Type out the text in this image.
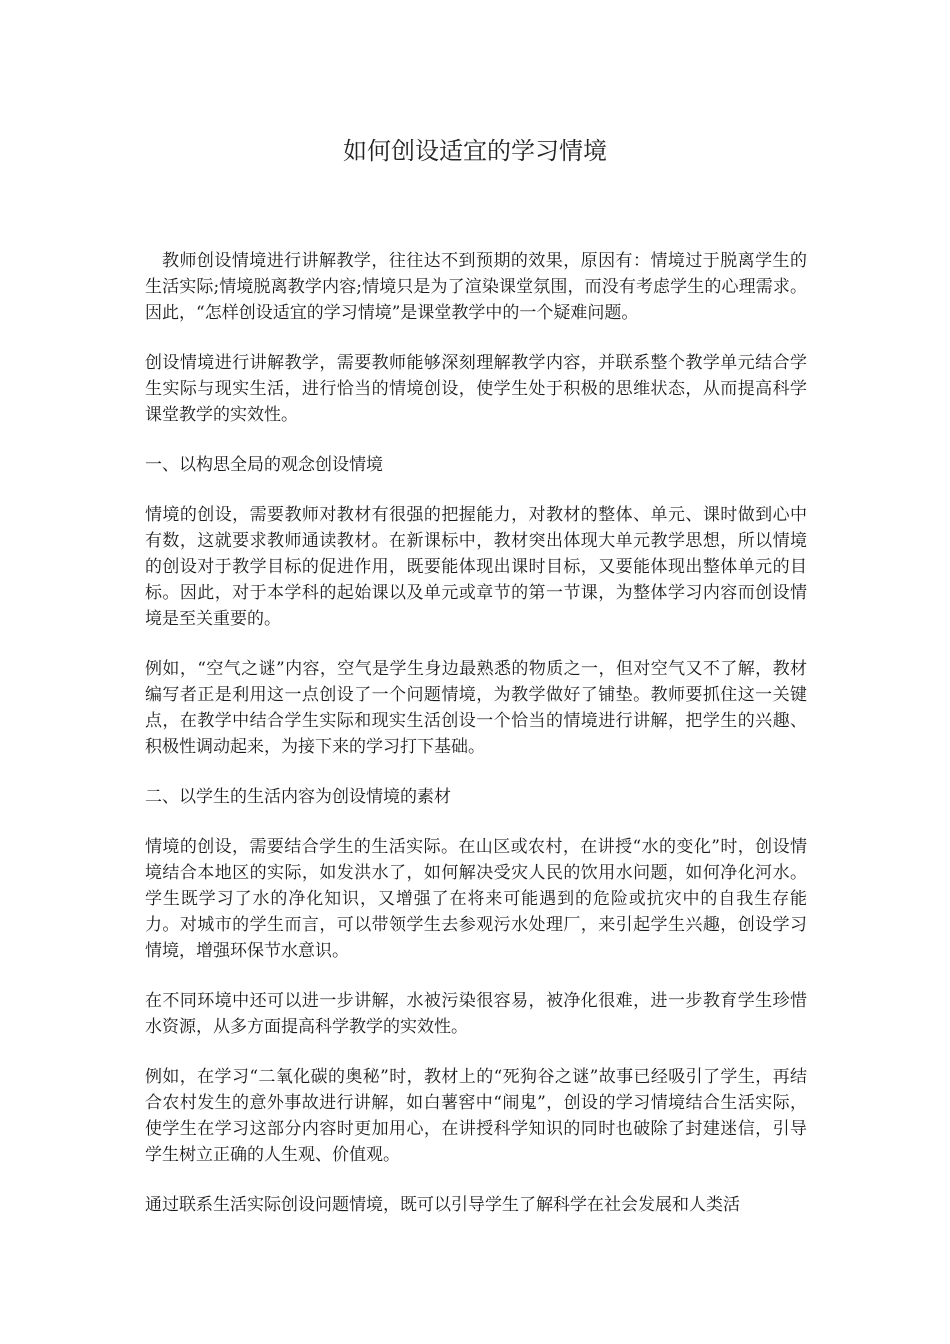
如何创设适宜的学习情境

教师创设情境进行讲解教学，往往达不到预期的效果，原因有：情境过于脱离学生的生活实际;情境脱离教学内容;情境只是为了渲染课堂氛围，而没有考虑学生的心理需求。因此，“怎样创设适宜的学习情境”是课堂教学中的一个疑难问题。

创设情境进行讲解教学，需要教师能够深刻理解教学内容，并联系整个教学单元结合学生实际与现实生活，进行恰当的情境创设，使学生处于积极的思维状态，从而提高科学课堂教学的实效性。

一、以构思全局的观念创设情境

情境的创设，需要教师对教材有很强的把握能力，对教材的整体、单元、课时做到心中有数，这就要求教师通读教材。在新课标中，教材突出体现大单元教学思想，所以情境的创设对于教学目标的促进作用，既要能体现出课时目标，又要能体现出整体单元的目标。因此，对于本学科的起始课以及单元或章节的第一节课，为整体学习内容而创设情境是至关重要的。

例如，“空气之谜”内容，空气是学生身边最熟悉的物质之一，但对空气又不了解，教材编写者正是利用这一点创设了一个问题情境，为教学做好了铺垫。教师要抓住这一关键点，在教学中结合学生实际和现实生活创设一个恰当的情境进行讲解，把学生的兴趣、积极性调动起来，为接下来的学习打下基础。

二、以学生的生活内容为创设情境的素材

情境的创设，需要结合学生的生活实际。在山区或农村，在讲授“水的变化”时，创设情境结合本地区的实际，如发洪水了，如何解决受灾人民的饮用水问题，如何净化河水。学生既学习了水的净化知识，又增强了在将来可能遇到的危险或抗灾中的自我生存能力。对城市的学生而言，可以带领学生去参观污水处理厂，来引起学生兴趣，创设学习情境，增强环保节水意识。

在不同环境中还可以进一步讲解，水被污染很容易，被净化很难，进一步教育学生珍惜水资源，从多方面提高科学教学的实效性。

例如，在学习“二氧化碳的奥秘”时，教材上的“死狗谷之谜”故事已经吸引了学生，再结合农村发生的意外事故进行讲解，如白薯窖中“闹鬼”，创设的学习情境结合生活实际，使学生在学习这部分内容时更加用心，在讲授科学知识的同时也破除了封建迷信，引导学生树立正确的人生观、价值观。

通过联系生活实际创设问题情境，既可以引导学生了解科学在社会发展和人类活
